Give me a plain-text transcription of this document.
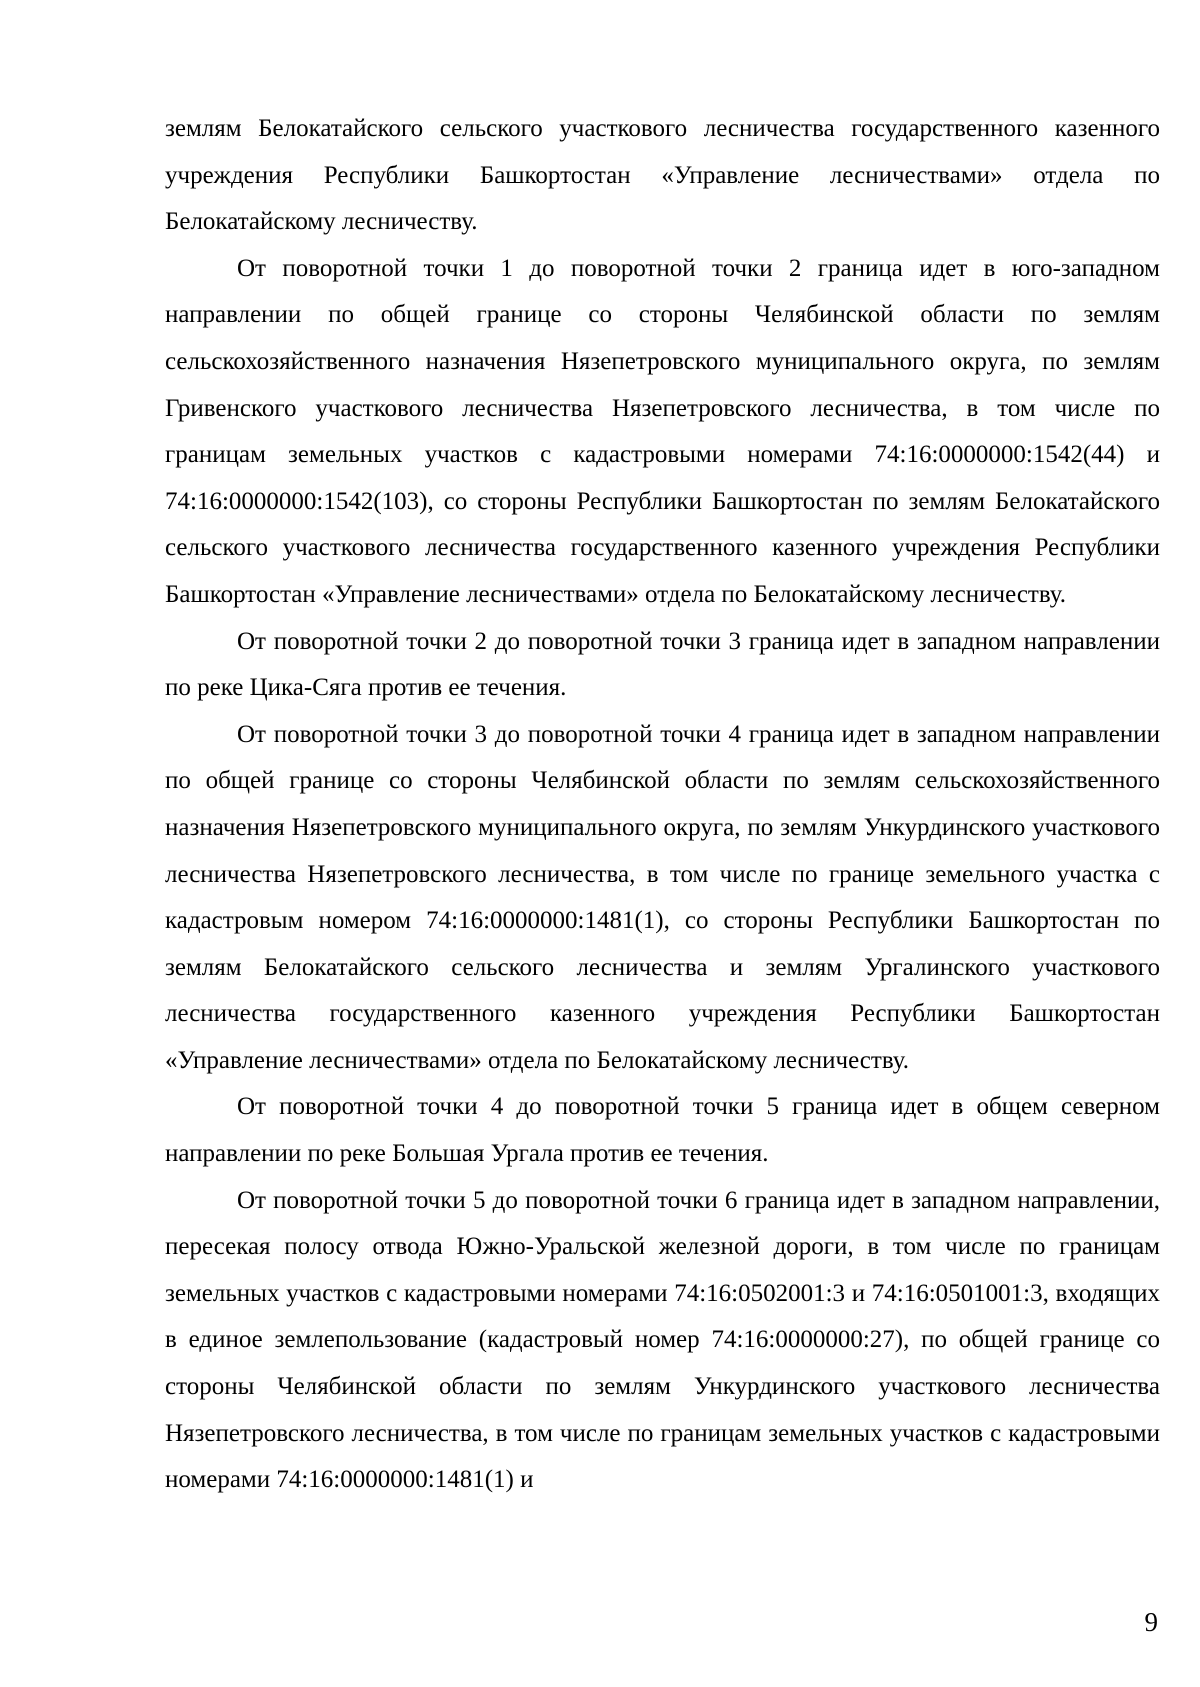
землям Белокатайского сельского участкового лесничества государственного казенного учреждения Республики Башкортостан «Управление лесничествами» отдела по Белокатайскому лесничеству.

От поворотной точки 1 до поворотной точки 2 граница идет в юго-западном направлении по общей границе со стороны Челябинской области по землям сельскохозяйственного назначения Нязепетровского муниципального округа, по землям Гривенского участкового лесничества Нязепетровского лесничества, в том числе по границам земельных участков с кадастровыми номерами 74:16:0000000:1542(44) и 74:16:0000000:1542(103), со стороны Республики Башкортостан по землям Белокатайского сельского участкового лесничества государственного казенного учреждения Республики Башкортостан «Управление лесничествами» отдела по Белокатайскому лесничеству.

От поворотной точки 2 до поворотной точки 3 граница идет в западном направлении по реке Цика-Сяга против ее течения.

От поворотной точки 3 до поворотной точки 4 граница идет в западном направлении по общей границе со стороны Челябинской области по землям сельскохозяйственного назначения Нязепетровского муниципального округа, по землям Ункурдинского участкового лесничества Нязепетровского лесничества, в том числе по границе земельного участка с кадастровым номером 74:16:0000000:1481(1), со стороны Республики Башкортостан по землям Белокатайского сельского лесничества и землям Ургалинского участкового лесничества государственного казенного учреждения Республики Башкортостан «Управление лесничествами» отдела по Белокатайскому лесничеству.

От поворотной точки 4 до поворотной точки 5 граница идет в общем северном направлении по реке Большая Ургала против ее течения.

От поворотной точки 5 до поворотной точки 6 граница идет в западном направлении, пересекая полосу отвода Южно-Уральской железной дороги, в том числе по границам земельных участков с кадастровыми номерами 74:16:0502001:3 и 74:16:0501001:3, входящих в единое землепользование (кадастровый номер 74:16:0000000:27), по общей границе со стороны Челябинской области по землям Ункурдинского участкового лесничества Нязепетровского лесничества, в том числе по границам земельных участков с кадастровыми номерами 74:16:0000000:1481(1) и

9
